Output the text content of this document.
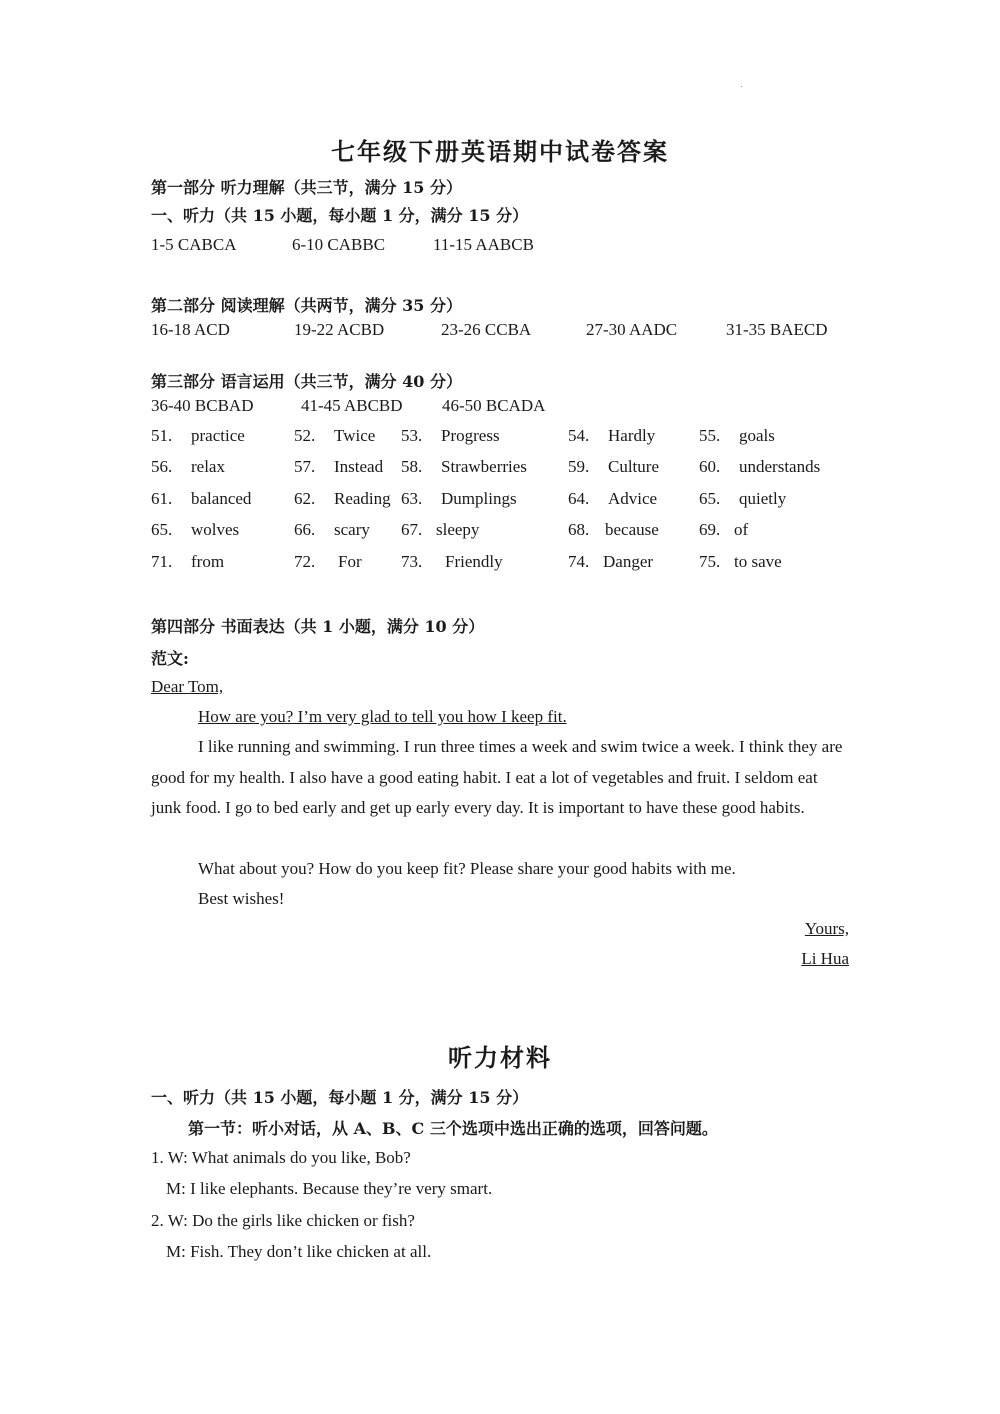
七年级下册英语期中试卷答案
第一部分 听力理解（共三节，满分 15 分）
一、听力（共 15 小题，每小题 1 分，满分 15 分）
1-5 CABCA	6-10 CABBC	11-15 AABCB
第二部分 阅读理解（共两节，满分 35 分）
16-18 ACD	19-22 ACBD	23-26 CCBA	27-30 AADC	31-35 BAECD
第三部分 语言运用（共三节，满分 40 分）
36-40 BCBAD	41-45 ABCBD 46-50 BCADA
51. practice	52. Twice 53. Progress	54. Hardly	55. goals
56. relax	57. Instead 58. Strawberries 59. Culture 60. understands
61. balanced	62. Reading 63. Dumplings	64. Advice 65. quietly
65. wolves	66. scary 67. sleepy	68. because 69. of
71. from	72. For 73. Friendly	74. Danger	75. to save
第四部分 书面表达（共 1 小题，满分 10 分）
范文:
Dear Tom,
How are you? I’m very glad to tell you how I keep fit.
I like running and swimming. I run three times a week and swim twice a week. I think they are good for my health. I also have a good eating habit. I eat a lot of vegetables and fruit. I seldom eat junk food. I go to bed early and get up early every day. It is important to have these good habits.
What about you? How do you keep fit? Please share your good habits with me.
Best wishes!
Yours,
Li Hua
听力材料
一、听力（共 15 小题，每小题 1 分，满分 15 分）
第一节：听小对话，从 A、B、C 三个选项中选出正确的选项，回答问题。
1. W: What animals do you like, Bob?
M: I like elephants. Because they’re very smart.
2. W: Do the girls like chicken or fish?
M: Fish. They don’t like chicken at all.
